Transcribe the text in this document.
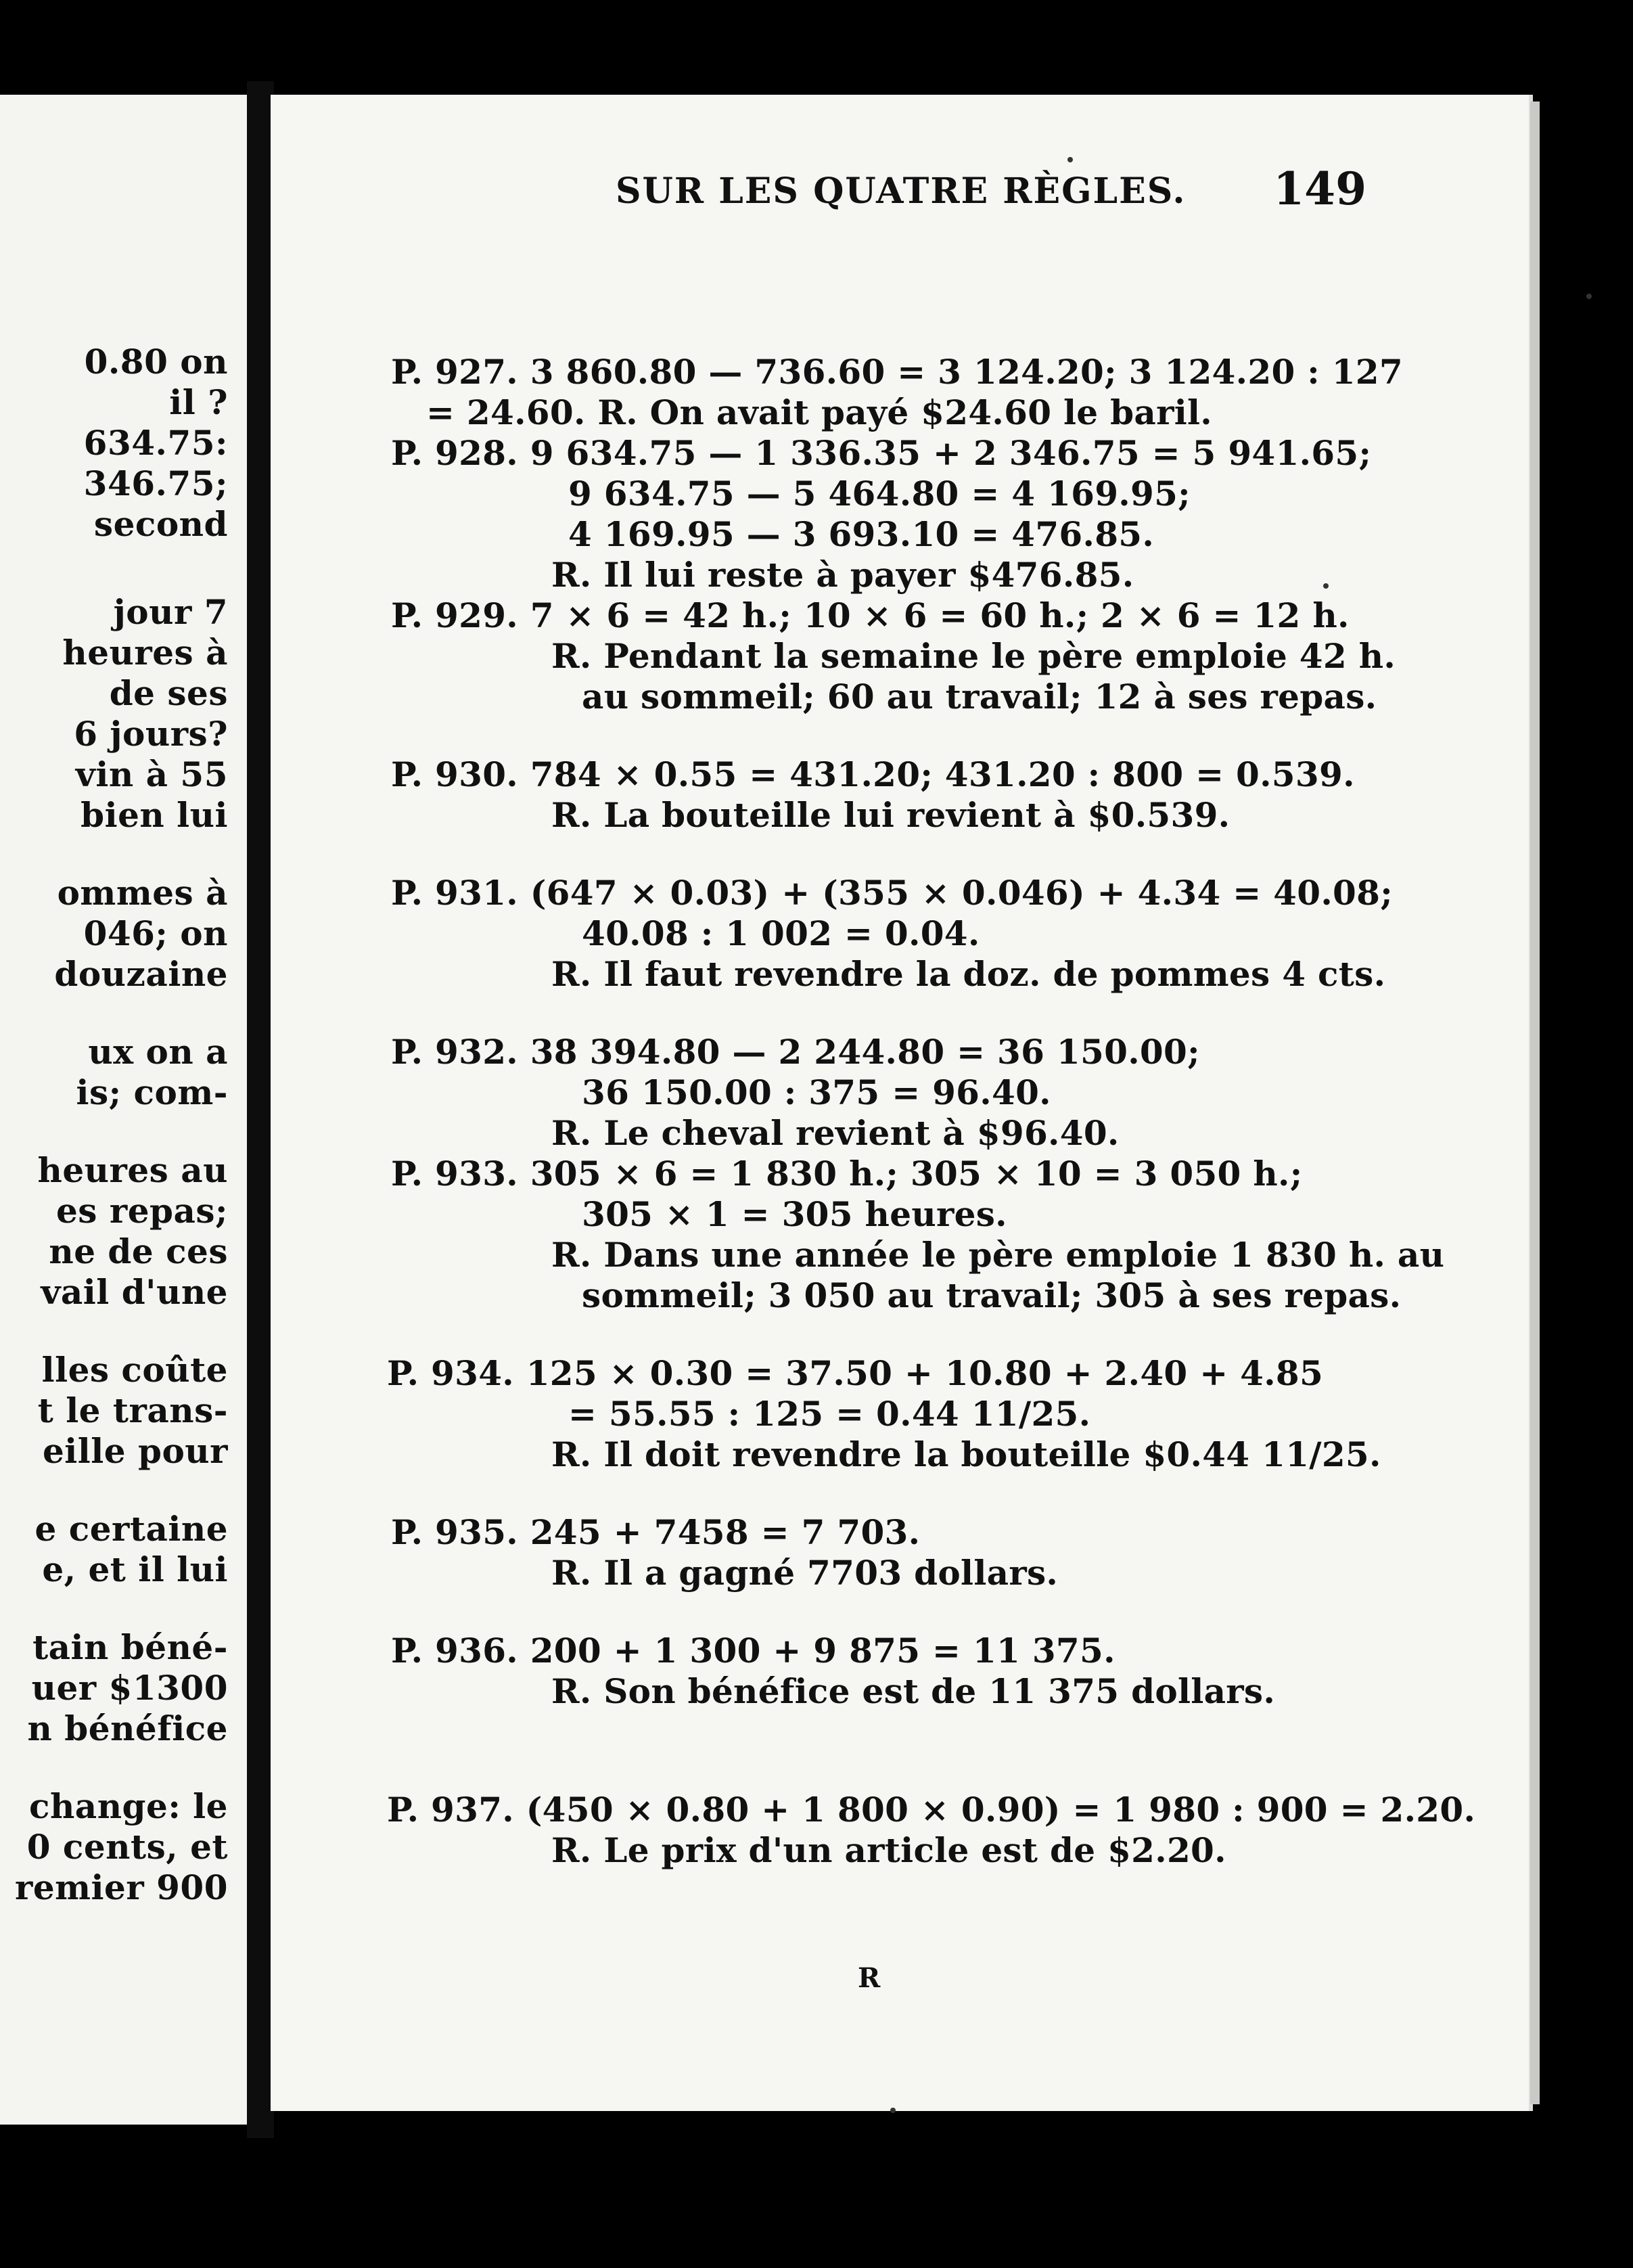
0.80 on
il ?
634.75:
346.75;
second
jour 7
heures à
de ses
6 jours?
vin à 55
bien lui
ommes à
046; on
douzaine
ux on a
is; com-
heures au
es repas;
ne de ces
vail d'une
lles coûte
t le trans-
eille pour
e certaine
e, et il lui
tain béné-
uer $1300
n bénéfice
change: le
0 cents, et
remier 900
SUR LES QUATRE RÈGLES. 149
P. 927. 3 860.80 — 736.60 = 3 124.20; 3 124.20 : 127
= 24.60. R. On avait payé $24.60 le baril.
P. 928. 9 634.75 — 1 336.35 + 2 346.75 = 5 941.65;
9 634.75 — 5 464.80 = 4 169.95;
4 169.95 — 3 693.10 = 476.85.
R. Il lui reste à payer $476.85.
P. 929. 7 × 6 = 42 h.; 10 × 6 = 60 h.; 2 × 6 = 12 h.
R. Pendant la semaine le père emploie 42 h.
au sommeil; 60 au travail; 12 à ses repas.
P. 930. 784 × 0.55 = 431.20; 431.20 : 800 = 0.539.
R. La bouteille lui revient à $0.539.
P. 931. (647 × 0.03) + (355 × 0.046) + 4.34 = 40.08;
40.08 : 1 002 = 0.04.
R. Il faut revendre la doz. de pommes 4 cts.
P. 932. 38 394.80 — 2 244.80 = 36 150.00;
36 150.00 : 375 = 96.40.
R. Le cheval revient à $96.40.
P. 933. 305 × 6 = 1 830 h.; 305 × 10 = 3 050 h.;
305 × 1 = 305 heures.
R. Dans une année le père emploie 1 830 h. au
sommeil; 3 050 au travail; 305 à ses repas.
P. 934. 125 × 0.30 = 37.50 + 10.80 + 2.40 + 4.85
= 55.55 : 125 = 0.44 11/25.
R. Il doit revendre la bouteille $0.44 11/25.
P. 935. 245 + 7458 = 7 703.
R. Il a gagné 7703 dollars.
P. 936. 200 + 1 300 + 9 875 = 11 375.
R. Son bénéfice est de 11 375 dollars.
P. 937. (450 × 0.80 + 1 800 × 0.90) = 1 980 : 900 = 2.20.
R. Le prix d'un article est de $2.20.
R
